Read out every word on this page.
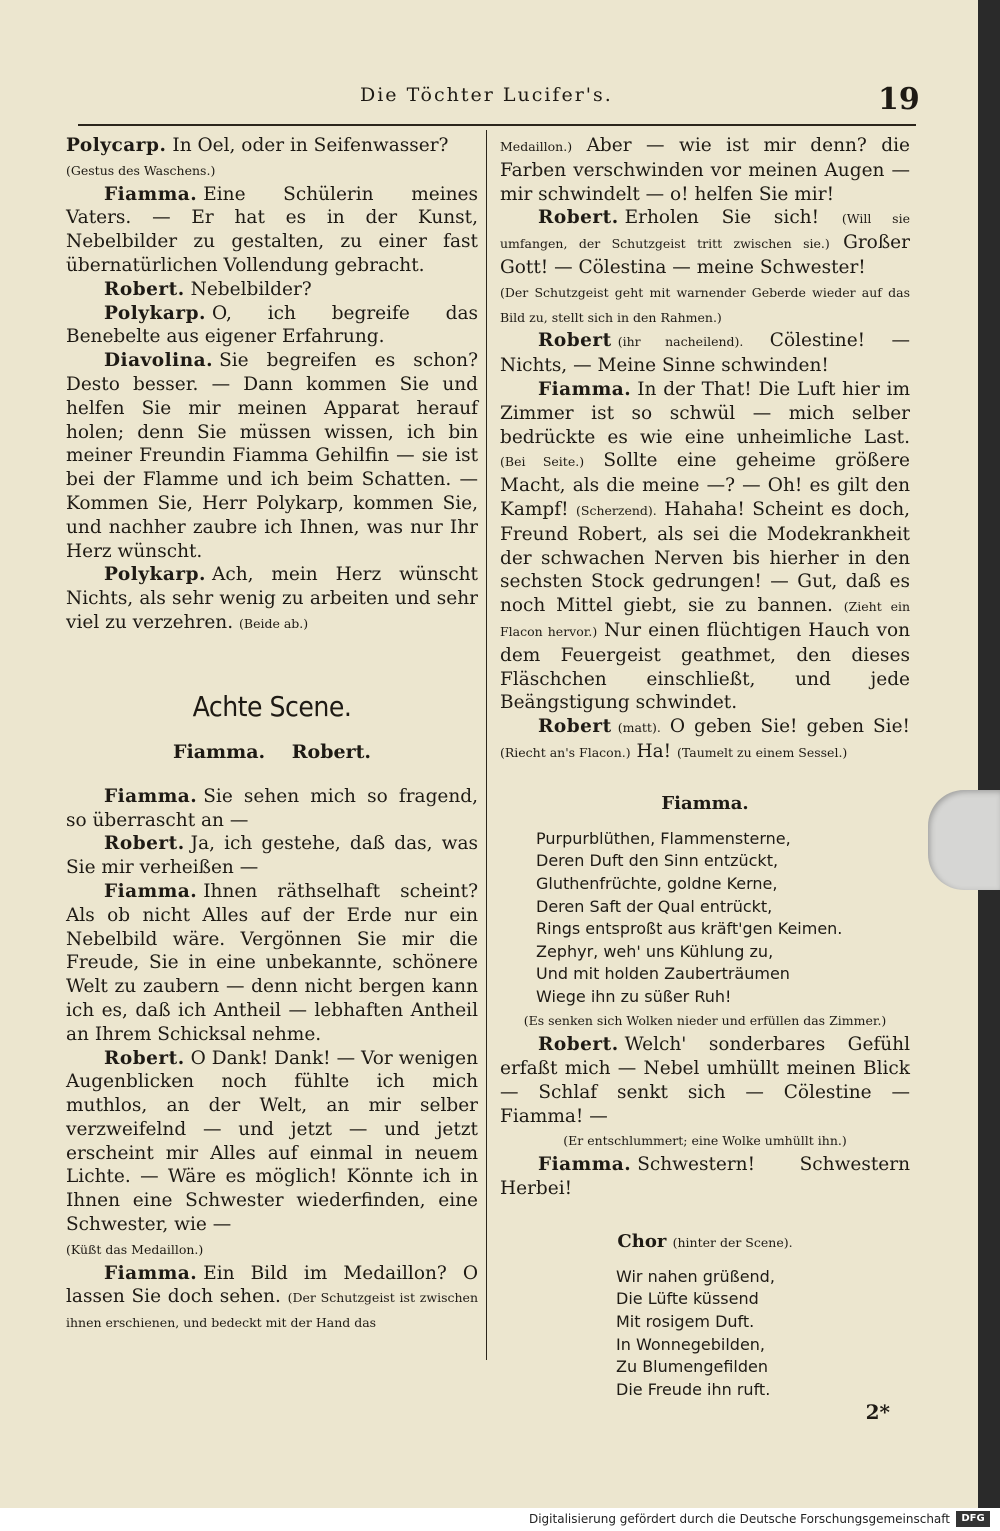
Die Töchter Lucifer's.	19

Polycarp. In Oel, oder in Seifenwasser?
(Gestus des Waschens.)

Fiamma. Eine Schülerin meines Vaters. — Er hat es in der Kunst, Nebelbilder zu gestalten, zu einer fast übernatürlichen Vollendung gebracht.

Robert. Nebelbilder?

Polykarp. O, ich begreife das Benebelte aus eigener Erfahrung.

Diavolina. Sie begreifen es schon? Desto besser. — Dann kommen Sie und helfen Sie mir meinen Apparat herauf holen; denn Sie müssen wissen, ich bin meiner Freundin Fiamma Gehilfin — sie ist bei der Flamme und ich beim Schatten. — Kommen Sie, Herr Polykarp, kommen Sie, und nachher zaubre ich Ihnen, was nur Ihr Herz wünscht.

Polykarp. Ach, mein Herz wünscht Nichts, als sehr wenig zu arbeiten und sehr viel zu verzehren. (Beide ab.)

Achte Scene.
Fiamma. Robert.

Fiamma. Sie sehen mich so fragend, so überrascht an —

Robert. Ja, ich gestehe, daß das, was Sie mir verheißen —

Fiamma. Ihnen räthselhaft scheint? Als ob nicht Alles auf der Erde nur ein Nebelbild wäre. Vergönnen Sie mir die Freude, Sie in eine unbekannte, schönere Welt zu zaubern — denn nicht bergen kann ich es, daß ich Antheil — lebhaften Antheil an Ihrem Schicksal nehme.

Robert. O Dank! Dank! — Vor wenigen Augenblicken noch fühlte ich mich muthlos, an der Welt, an mir selber verzweifelnd — und jetzt — und jetzt erscheint mir Alles auf einmal in neuem Lichte. — Wäre es möglich! Könnte ich in Ihnen eine Schwester wiederfinden, eine Schwester, wie —
(Küßt das Medaillon.)

Fiamma. Ein Bild im Medaillon? O lassen Sie doch sehen. (Der Schutzgeist ist zwischen ihnen erschienen, und bedeckt mit der Hand das

Medaillon.) Aber — wie ist mir denn? die Farben verschwinden vor meinen Augen — mir schwindelt — o! helfen Sie mir!

Robert. Erholen Sie sich! (Will sie umfangen, der Schutzgeist tritt zwischen sie.) Großer Gott! — Cölestina — meine Schwester!
(Der Schutzgeist geht mit warnender Geberde wieder auf das Bild zu, stellt sich in den Rahmen.)

Robert (ihr nacheilend). Cölestine! — Nichts, — Meine Sinne schwinden!

Fiamma. In der That! Die Luft hier im Zimmer ist so schwül — mich selber bedrückte es wie eine unheimliche Last. (Bei Seite.) Sollte eine geheime größere Macht, als die meine —? — Oh! es gilt den Kampf! (Scherzend). Hahaha! Scheint es doch, Freund Robert, als sei die Modekrankheit der schwachen Nerven bis hierher in den sechsten Stock gedrungen! — Gut, daß es noch Mittel giebt, sie zu bannen. (Zieht ein Flacon hervor.) Nur einen flüchtigen Hauch von dem Feuergeist geathmet, den dieses Fläschchen einschließt, und jede Beängstigung schwindet.

Robert (matt). O geben Sie! geben Sie! (Riecht an's Flacon.) Ha! (Taumelt zu einem Sessel.)

Fiamma.
Purpurblüthen, Flammensterne,
Deren Duft den Sinn entzückt,
Gluthenfrüchte, goldne Kerne,
Deren Saft der Qual entrückt,
Rings entsproßt aus kräft'gen Keimen.
Zephyr, weh' uns Kühlung zu,
Und mit holden Zauberträumen
Wiege ihn zu süßer Ruh!

(Es senken sich Wolken nieder und erfüllen das Zimmer.)

Robert. Welch' sonderbares Gefühl erfaßt mich — Nebel umhüllt meinen Blick — Schlaf senkt sich — Cölestine — Fiamma! —

(Er entschlummert; eine Wolke umhüllt ihn.)

Fiamma. Schwestern! Schwestern Herbei!

Chor (hinter der Scene).
Wir nahen grüßend,
Die Lüfte küssend
Mit rosigem Duft.
In Wonnegebilden,
Zu Blumengefilden
Die Freude ihn ruft.

2*

Digitalisierung gefördert durch die Deutsche Forschungsgemeinschaft	DFG
